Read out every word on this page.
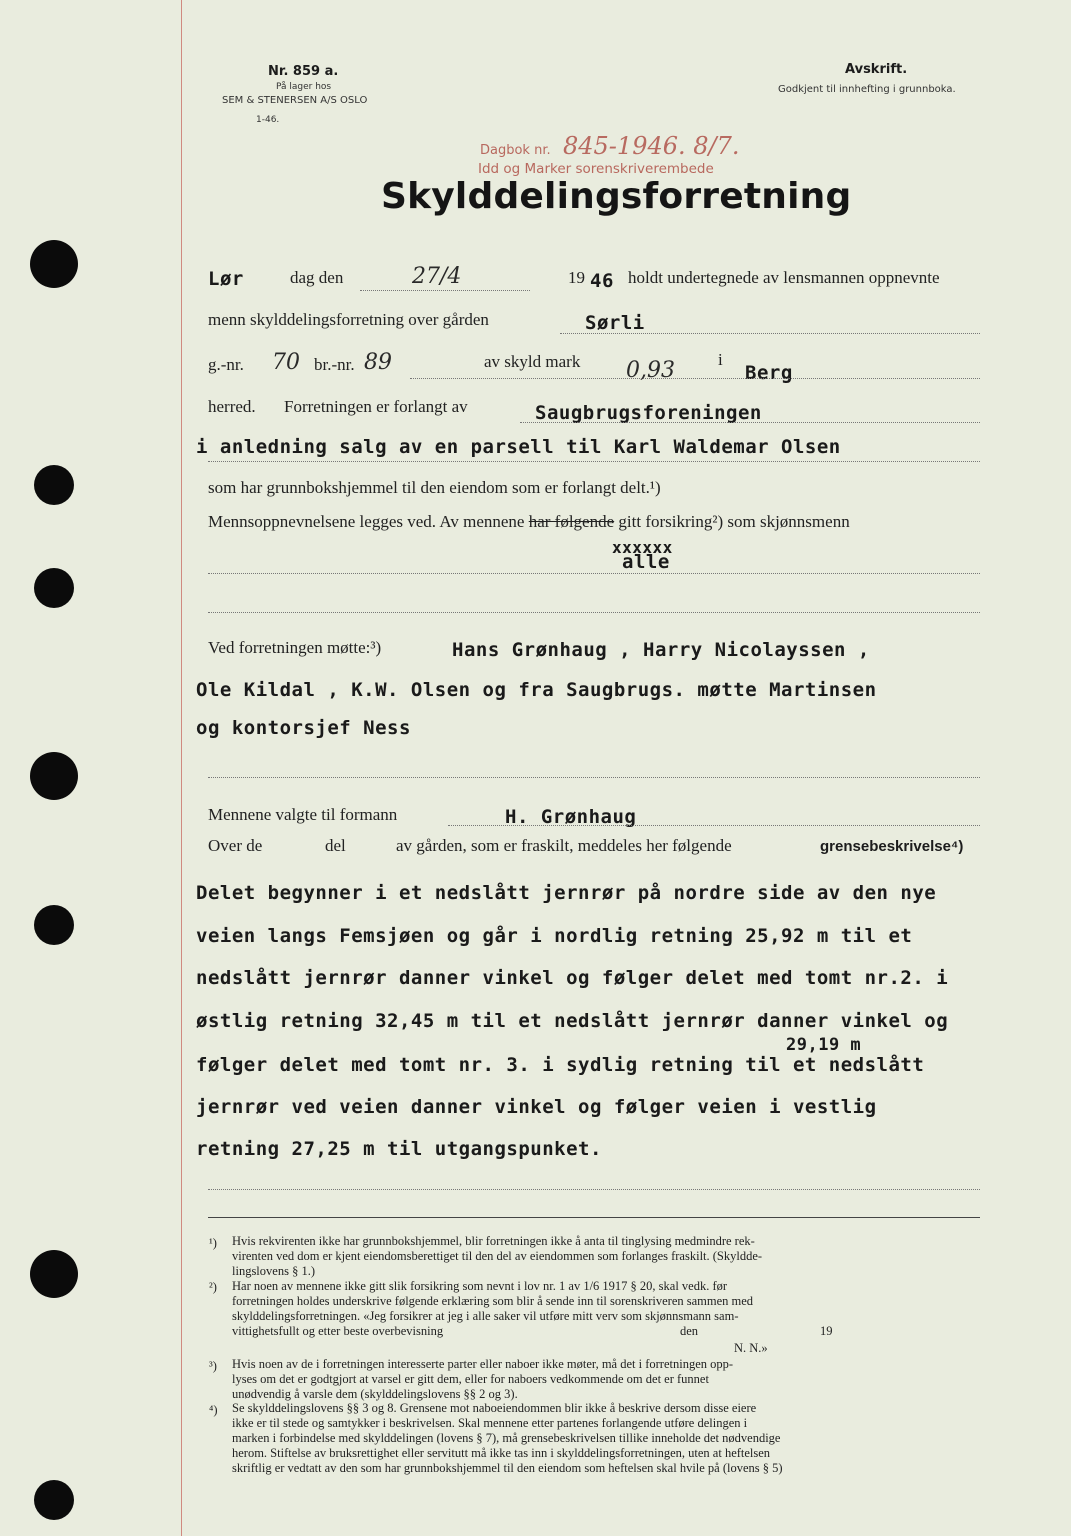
Nr. 859 a.
På lager hos
SEM & STENERSEN A/S OSLO
1-46.
Avskrift.
Godkjent til innhefting i grunnboka.
Dagbok nr. 845-1946. 8/7.
Idd og Marker sorenskriverembede
Skylddelingsforretning
Lør	dag den	27/4	19 46 holdt undertegnede av lensmannen oppnevnte
menn skylddelingsforretning over gården	Sørli
g.-nr. 70 br.-nr. 89	av skyld mark 0,93	i
Berg
herred. Forretningen er forlangt av	Saugbrugsforeningen
i anledning salg av en parsell til Karl Waldemar Olsen
som har grunnbokshjemmel til den eiendom som er forlangt delt.¹)
Mennsoppnevnelsene legges ved. Av mennene har følgende gitt forsikring²) som skjønnsmenn
xxxxxx
alle
Ved forretningen møtte:³)	Hans Grønhaug , Harry Nicolayssen ,
Ole Kildal , K.W. Olsen og fra Saugbrugs. møtte Martinsen
og kontorsjef Ness
Mennene valgte til formann	H. Grønhaug
Over de	del	av gården, som er fraskilt, meddeles her følgende	grensebeskrivelse⁴)
Delet begynner i et nedslått jernrør på nordre side av den nye
veien langs Femsjøen og går i nordlig retning 25,92 m til et
nedslått jernrør danner vinkel og følger delet med tomt nr.2. i
østlig retning 32,45 m til et nedslått jernrør danner vinkel og
29,19 m
følger delet med tomt nr. 3. i sydlig retning til et nedslått
jernrør ved veien danner vinkel og følger veien i vestlig
retning 27,25 m til utgangspunket.
¹) Hvis rekvirenten ikke har grunnbokshjemmel, blir forretningen ikke å anta til tinglysing medmindre rek-
virenten ved dom er kjent eiendomsberettiget til den del av eiendommen som forlanges fraskilt. (Skyldde-
lingslovens § 1.)
²) Har noen av mennene ikke gitt slik forsikring som nevnt i lov nr. 1 av 1/6 1917 § 20, skal vedk. før
forretningen holdes underskrive følgende erklæring som blir å sende inn til sorenskriveren sammen med
skylddelingsforretningen. «Jeg forsikrer at jeg i alle saker vil utføre mitt verv som skjønnsmann sam-
vittighetsfullt og etter beste overbevisning	den	19
N. N.»
³) Hvis noen av de i forretningen interesserte parter eller naboer ikke møter, må det i forretningen opp-
lyses om det er godtgjort at varsel er gitt dem, eller for naboers vedkommende om det er funnet
unødvendig å varsle dem (skylddelingslovens §§ 2 og 3).
⁴) Se skylddelingslovens §§ 3 og 8. Grensene mot naboeiendommen blir ikke å beskrive dersom disse eiere
ikke er til stede og samtykker i beskrivelsen. Skal mennene etter partenes forlangende utføre delingen i
marken i forbindelse med skylddelingen (lovens § 7), må grensebeskrivelsen tillike inneholde det nødvendige
herom. Stiftelse av bruksrettighet eller servitutt må ikke tas inn i skylddelingsforretningen, uten at heftelsen
skriftlig er vedtatt av den som har grunnbokshjemmel til den eiendom som heftelsen skal hvile på (lovens § 5)
